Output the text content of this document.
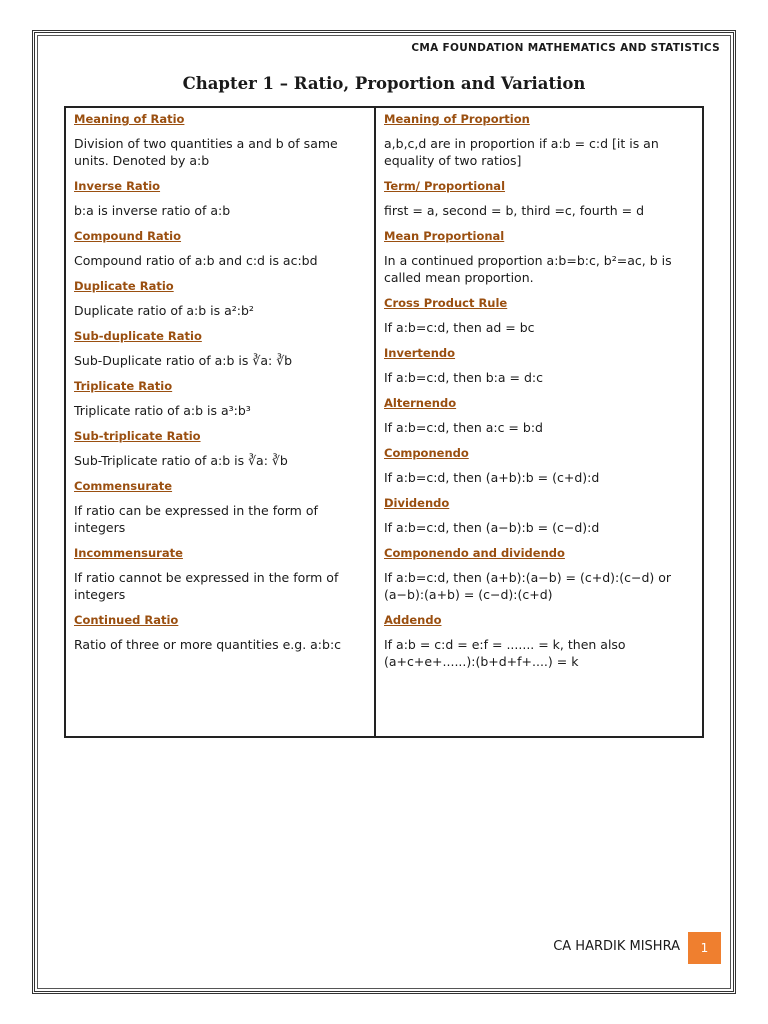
CMA FOUNDATION MATHEMATICS AND STATISTICS
Chapter 1 – Ratio, Proportion and Variation
Meaning of Ratio
Division of two quantities a and b of same units. Denoted by a:b
Inverse Ratio
b:a is inverse ratio of a:b
Compound Ratio
Compound ratio of a:b and c:d is ac:bd
Duplicate Ratio
Duplicate ratio of a:b is a²:b²
Sub-duplicate Ratio
Sub-Duplicate ratio of a:b is ∛a: ∛b
Triplicate Ratio
Triplicate ratio of a:b is a³:b³
Sub-triplicate Ratio
Sub-Triplicate ratio of a:b is ∛a: ∛b
Commensurate
If ratio can be expressed in the form of integers
Incommensurate
If ratio cannot be expressed in the form of integers
Continued Ratio
Ratio of three or more quantities e.g. a:b:c
Meaning of Proportion
a,b,c,d are in proportion if a:b = c:d [it is an equality of two ratios]
Term/ Proportional
first = a, second = b, third =c, fourth = d
Mean Proportional
In a continued proportion a:b=b:c, b²=ac, b is called mean proportion.
Cross Product Rule
If a:b=c:d, then ad = bc
Invertendo
If a:b=c:d, then b:a = d:c
Alternendo
If a:b=c:d, then a:c = b:d
Componendo
If a:b=c:d, then (a+b):b = (c+d):d
Dividendo
If a:b=c:d, then (a−b):b = (c−d):d
Componendo and dividendo
If a:b=c:d, then (a+b):(a−b) = (c+d):(c−d) or (a−b):(a+b) = (c−d):(c+d)
Addendo
If a:b = c:d = e:f = ....... = k, then also (a+c+e+......):(b+d+f+....) = k
CA HARDIK MISHRA	1
